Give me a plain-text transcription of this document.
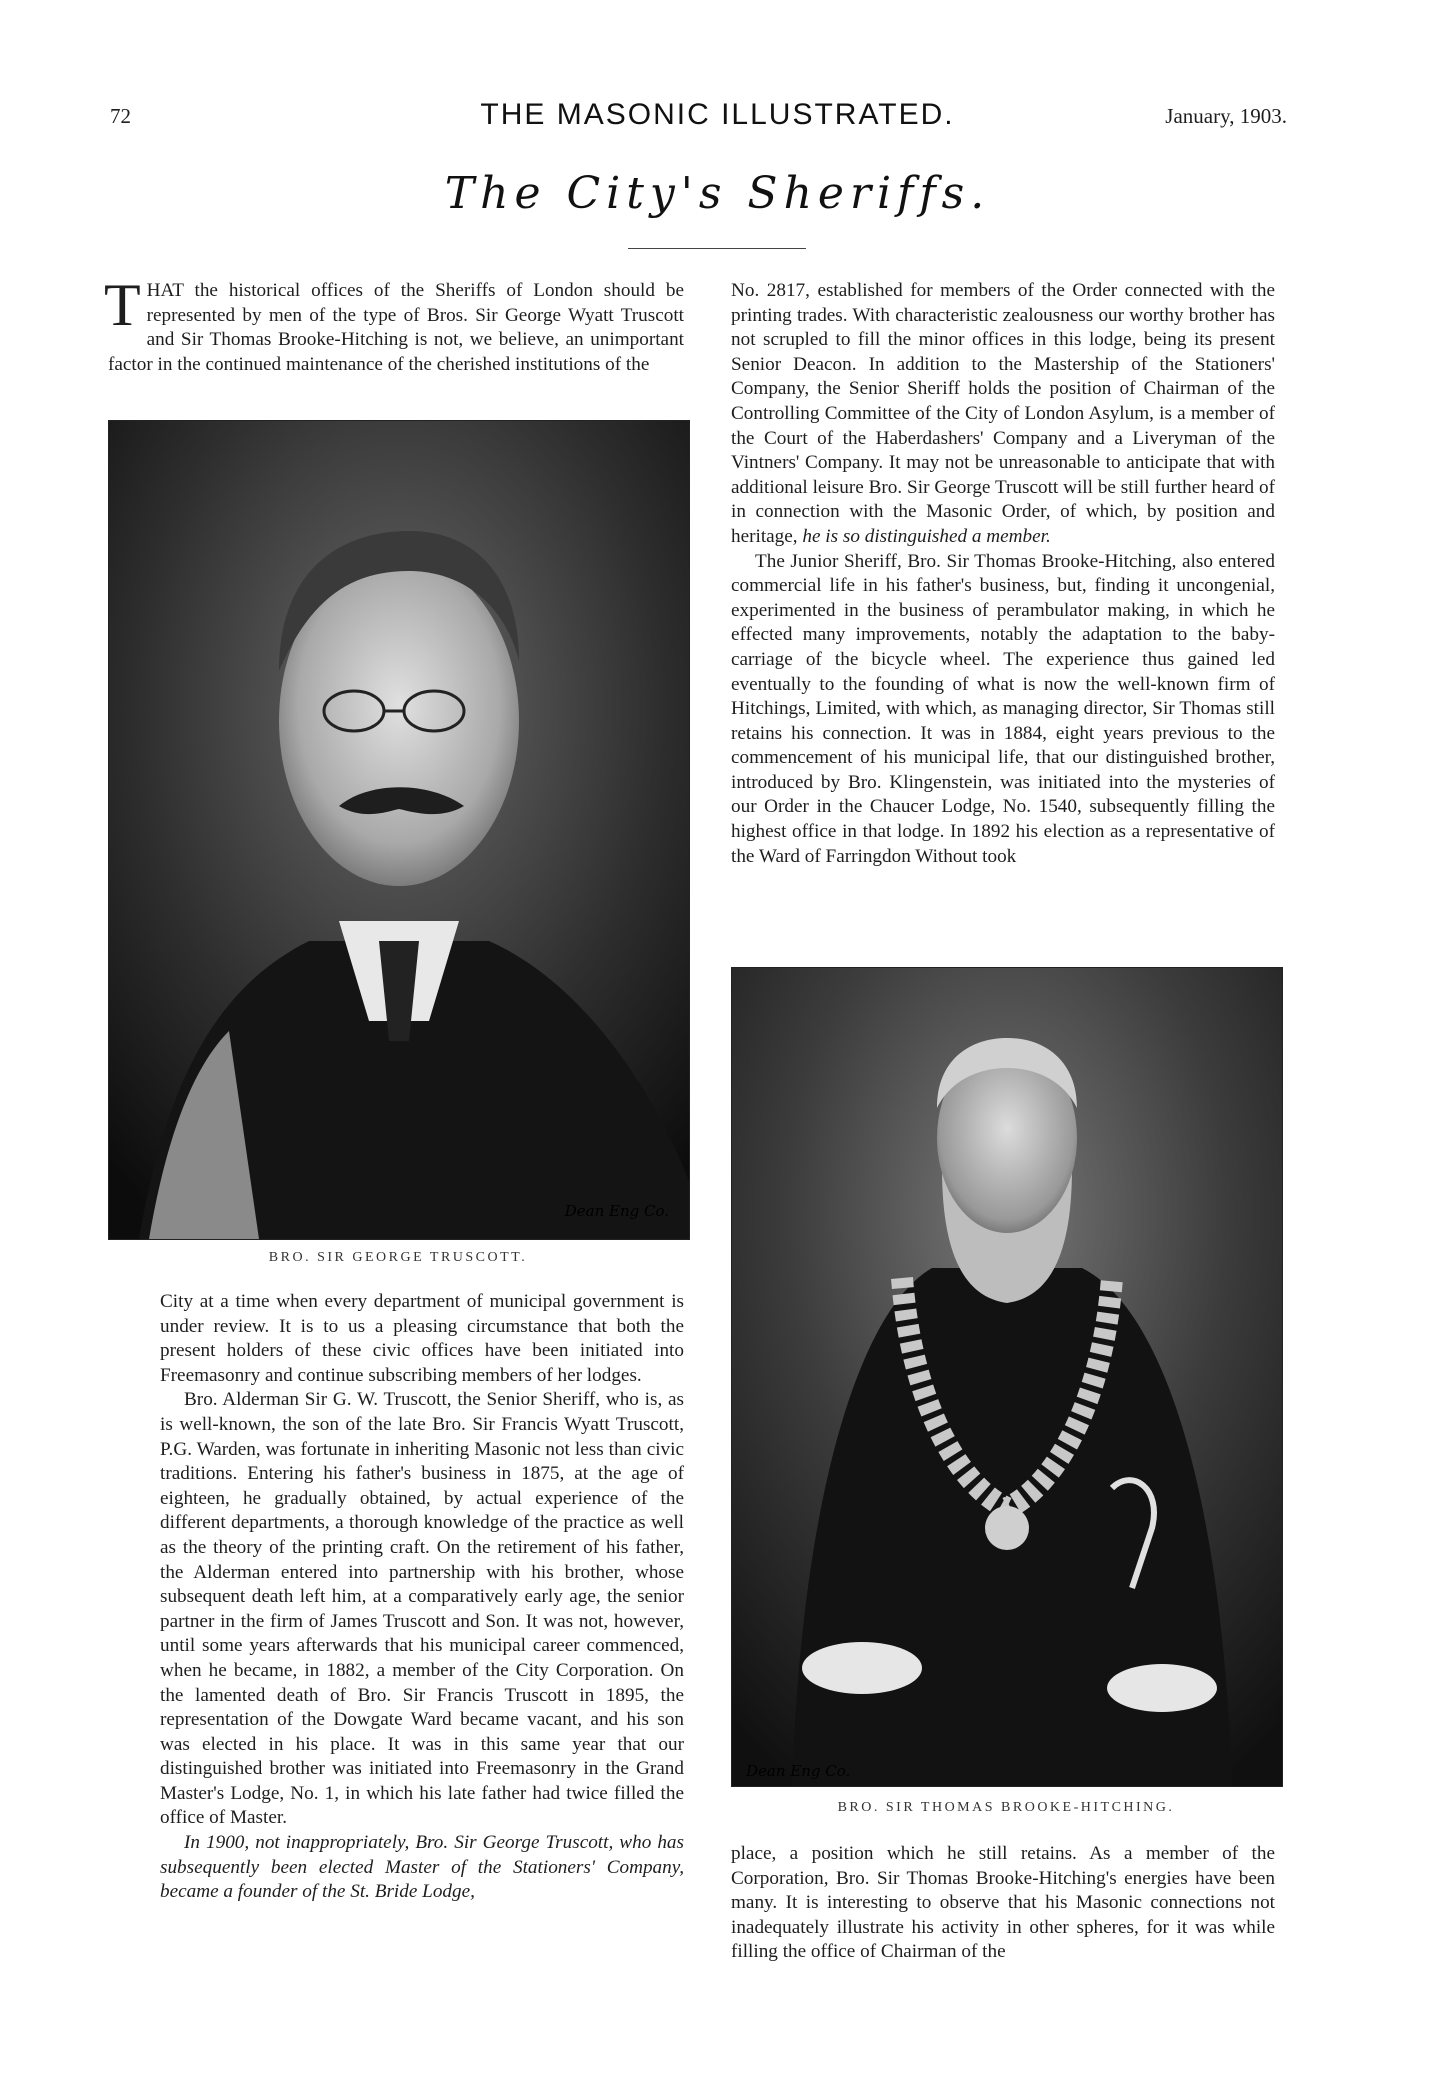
72	THE MASONIC ILLUSTRATED.	January, 1903.
The City's Sheriffs.
T HAT the historical offices of the Sheriffs of London should be represented by men of the type of Bros. Sir George Wyatt Truscott and Sir Thomas Brooke-Hitching is not, we believe, an unimportant factor in the continued maintenance of the cherished institutions of the
Dean Eng Co.
BRO. SIR GEORGE TRUSCOTT.

City at a time when every department of municipal government is under review. It is to us a pleasing circumstance that both the present holders of these civic offices have been initiated into Freemasonry and continue subscribing members of her lodges.

Bro. Alderman Sir G. W. Truscott, the Senior Sheriff, who is, as is well-known, the son of the late Bro. Sir Francis Wyatt Truscott, P.G. Warden, was fortunate in inheriting Masonic not less than civic traditions. Entering his father's business in 1875, at the age of eighteen, he gradually obtained, by actual experience of the different departments, a thorough knowledge of the practice as well as the theory of the printing craft. On the retirement of his father, the Alderman entered into partnership with his brother, whose subsequent death left him, at a comparatively early age, the senior partner in the firm of James Truscott and Son. It was not, however, until some years afterwards that his municipal career commenced, when he became, in 1882, a member of the City Corporation. On the lamented death of Bro. Sir Francis Truscott in 1895, the representation of the Dowgate Ward became vacant, and his son was elected in his place. It was in this same year that our distinguished brother was initiated into Freemasonry in the Grand Master's Lodge, No. 1, in which his late father had twice filled the office of Master.

In 1900, not inappropriately, Bro. Sir George Truscott, who has subsequently been elected Master of the Stationers' Company, became a founder of the St. Bride Lodge,

No. 2817, established for members of the Order connected with the printing trades. With characteristic zealousness our worthy brother has not scrupled to fill the minor offices in this lodge, being its present Senior Deacon. In addition to the Mastership of the Stationers' Company, the Senior Sheriff holds the position of Chairman of the Controlling Committee of the City of London Asylum, is a member of the Court of the Haberdashers' Company and a Liveryman of the Vintners' Company. It may not be unreasonable to anticipate that with additional leisure Bro. Sir George Truscott will be still further heard of in connection with the Masonic Order, of which, by position and heritage, he is so distinguished a member.

The Junior Sheriff, Bro. Sir Thomas Brooke-Hitching, also entered commercial life in his father's business, but, finding it uncongenial, experimented in the business of perambulator making, in which he effected many improvements, notably the adaptation to the baby-carriage of the bicycle wheel. The experience thus gained led eventually to the founding of what is now the well-known firm of Hitchings, Limited, with which, as managing director, Sir Thomas still retains his connection. It was in 1884, eight years previous to the commencement of his municipal life, that our distinguished brother, introduced by Bro. Klingenstein, was initiated into the mysteries of our Order in the Chaucer Lodge, No. 1540, subsequently filling the highest office in that lodge. In 1892 his election as a representative of the Ward of Farringdon Without took

Dean Eng Co.
BRO. SIR THOMAS BROOKE-HITCHING.

place, a position which he still retains. As a member of the Corporation, Bro. Sir Thomas Brooke-Hitching's energies have been many. It is interesting to observe that his Masonic connections not inadequately illustrate his activity in other spheres, for it was while filling the office of Chairman of the
